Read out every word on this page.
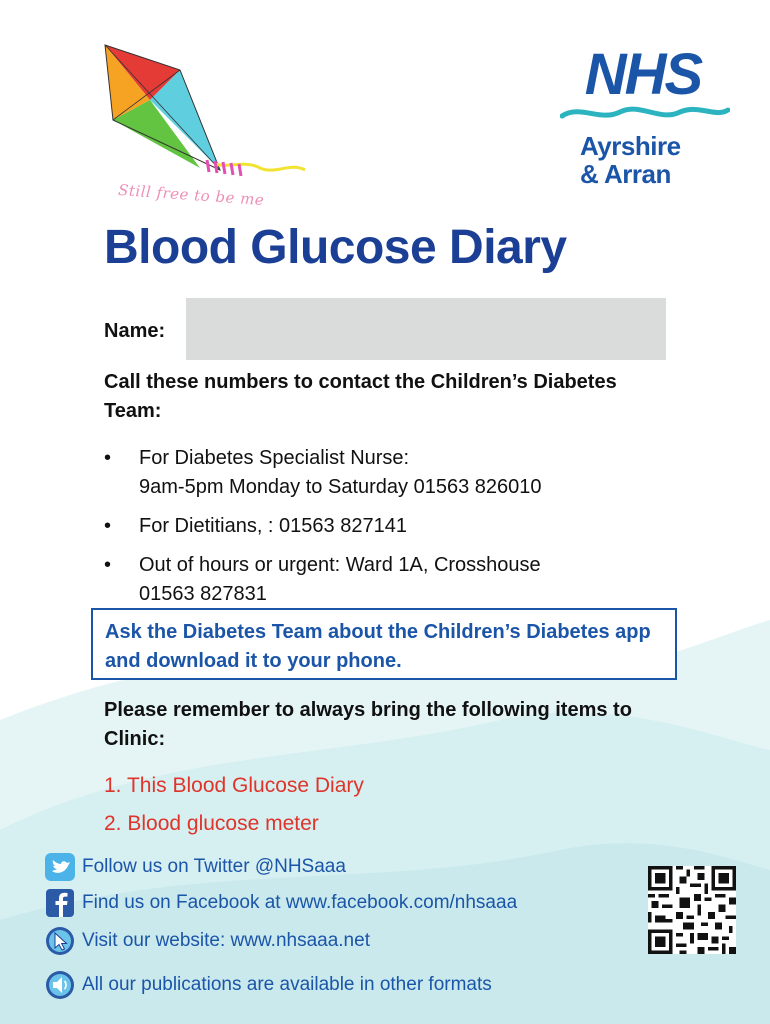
Still free to be me
NHS
Ayrshire
& Arran
Blood Glucose Diary
Name:
Call these numbers to contact the Children’s Diabetes Team:
• For Diabetes Specialist Nurse:
9am-5pm Monday to Saturday 01563 826010
• For Dietitians, : 01563 827141
• Out of hours or urgent: Ward 1A, Crosshouse
01563 827831
Ask the Diabetes Team about the Children’s Diabetes app and download it to your phone.
Please remember to always bring the following items to Clinic:
1. This Blood Glucose Diary
2. Blood glucose meter
Follow us on Twitter @NHSaaa
Find us on Facebook at www.facebook.com/nhsaaa
Visit our website: www.nhsaaa.net
All our publications are available in other formats
